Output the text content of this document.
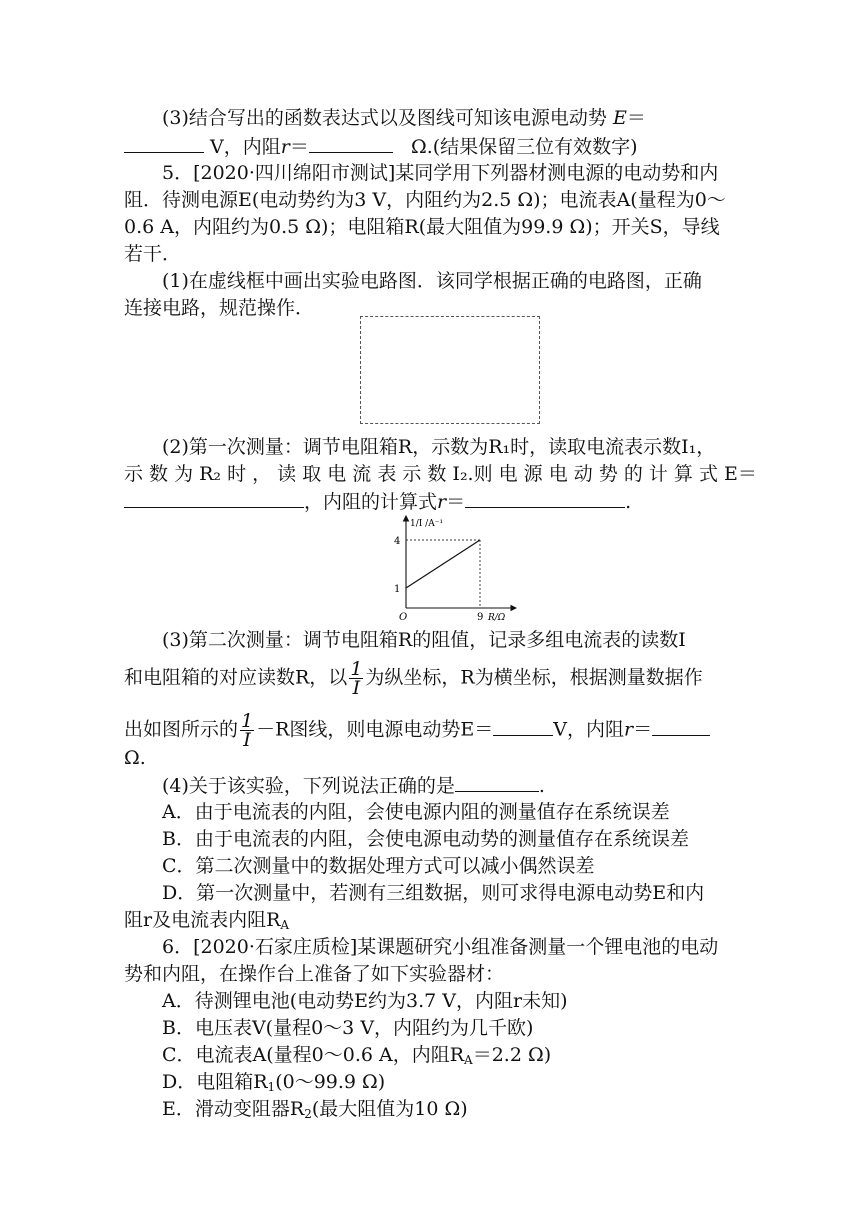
(3)结合写出的函数表达式以及图线可知该电源电动势 E＝
V，内阻r＝	Ω.(结果保留三位有效数字)
5．[2020·四川绵阳市测试]某同学用下列器材测电源的电动势和内
阻．待测电源E(电动势约为3 V，内阻约为2.5 Ω)；电流表A(量程为0～
0.6 A，内阻约为0.5 Ω)；电阻箱R(最大阻值为99.9 Ω)；开关S，导线
若干．
(1)在虚线框中画出实验电路图．该同学根据正确的电路图，正确
连接电路，规范操作．
(2)第一次测量：调节电阻箱R，示数为R₁时，读取电流表示数I₁，
示 数 为 R₂ 时 ， 读 取 电 流 表 示 数 I₂.则 电 源 电 动 势 的 计 算 式 E＝
，内阻的计算式r＝	.
1/I /A⁻¹
4
1
O	9 R/Ω
(3)第二次测量：调节电阻箱R的阻值，记录多组电流表的读数I
和电阻箱的对应读数R，以 $\frac{1}{I}$ 为纵坐标，R为横坐标，根据测量数据作
出如图所示的 $\frac{1}{I} -R$图线，则电源电动势E＝	V，内阻r＝
Ω.
(4)关于该实验，下列说法正确的是	.
A．由于电流表的内阻，会使电源内阻的测量值存在系统误差
B．由于电流表的内阻，会使电源电动势的测量值存在系统误差
C．第二次测量中的数据处理方式可以减小偶然误差
D．第一次测量中，若测有三组数据，则可求得电源电动势E和内
阻r及电流表内阻$R_A$
6．[2020·石家庄质检]某课题研究小组准备测量一个锂电池的电动
势和内阻，在操作台上准备了如下实验器材：
A．待测锂电池(电动势E约为3.7 V，内阻r未知)
B．电压表V(量程0～3 V，内阻约为几千欧)
C．电流表A(量程0～0.6 A，内阻$R_A=2.2$ Ω)
D．电阻箱$R_1(0\sim 99.9$ Ω)
E．滑动变阻器$R_2$(最大阻值为10 Ω)
